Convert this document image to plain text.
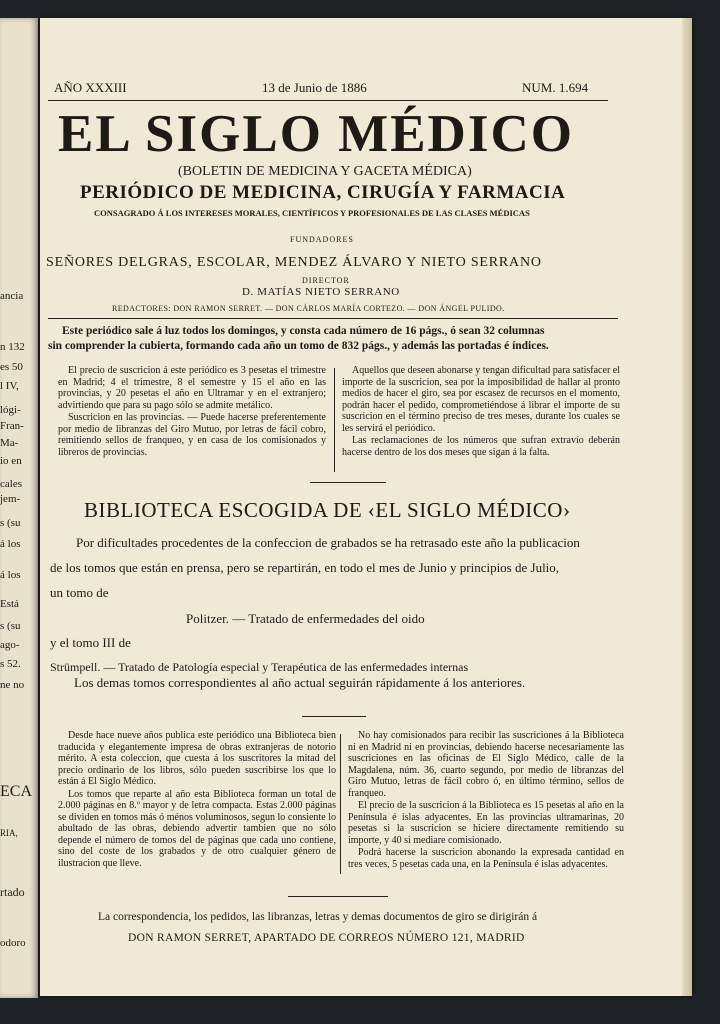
ancia
n 132
es 50
l IV,
lógi-
Fran-
Ma-
io en
cales
jem-
s (su
á los
á los
Está
s (su
ago-
s 52.
ne no
ECA
RIA,
rtado
odoro
AÑO XXXIII	13 de Junio de 1886	NUM. 1.694
EL SIGLO MÉDICO
(BOLETIN DE MEDICINA Y GACETA MÉDICA)
PERIÓDICO DE MEDICINA, CIRUGÍA Y FARMACIA
CONSAGRADO Á LOS INTERESES MORALES, CIENTÍFICOS Y PROFESIONALES DE LAS CLASES MÉDICAS
FUNDADORES
SEÑORES DELGRAS, ESCOLAR, MENDEZ ÁLVARO Y NIETO SERRANO
DIRECTOR
D. MATÍAS NIETO SERRANO
REDACTORES: DON RAMON SERRET. — DON CÁRLOS MARÍA CORTEZO. — DON ÁNGEL PULIDO.
Este periódico sale á luz todos los domingos, y consta cada número de 16 págs., ó sean 32 columnas
sin comprender la cubierta, formando cada año un tomo de 832 págs., y además las portadas é índices.

El precio de suscricion á este periódico es 3 pesetas el trimestre en Madrid; 4 el trimestre, 8 el semestre y 15 el año en las provincias, y 20 pesetas el año en Ultramar y en el extranjero; advirtiendo que para su pago sólo se admite metálico.

Suscricion en las provincias. — Puede hacerse preferentemente por medio de libranzas del Giro Mutuo, por letras de fácil cobro, remitiendo sellos de franqueo, y en casa de los comisionados y libreros de provincias.

Aquellos que deseen abonarse y tengan dificultad para satisfacer el importe de la suscricion, sea por la imposibilidad de hallar al pronto medios de hacer el giro, sea por escasez de recursos en el momento, podrán hacer el pedido, comprometiéndose á librar el importe de su suscricion en el término preciso de tres meses, durante los cuales se les servirá el periódico.

Las reclamaciones de los números que sufran extravío deberán hacerse dentro de los dos meses que sigan á la falta.

BIBLIOTECA ESCOGIDA DE ‹EL SIGLO MÉDICO›
Por dificultades procedentes de la confeccion de grabados se ha retrasado este año la publicacion
de los tomos que están en prensa, pero se repartirán, en todo el mes de Junio y principios de Julio,
un tomo de
Politzer. — Tratado de enfermedades del oido
y el tomo III de
Strümpell. — Tratado de Patología especial y Terapéutica de las enfermedades internas
Los demas tomos correspondientes al año actual seguirán rápidamente á los anteriores.

Desde hace nueve años publica este periódico una Biblioteca bien traducida y elegantemente impresa de obras extranjeras de notorio mérito. A esta coleccion, que cuesta á los suscritores la mitad del precio ordinario de los libros, sólo pueden suscribirse los que lo están á El Siglo Médico.

Los tomos que reparte al año esta Biblioteca forman un total de 2.000 páginas en 8.º mayor y de letra compacta. Estas 2.000 páginas se dividen en tomos más ó ménos voluminosos, segun lo consiente lo abultado de las obras, debiendo advertir tambien que no sólo depende el número de tomos del de páginas que cada uno contiene, sino del coste de los grabados y de otro cualquier género de ilustracion que lleve.

No hay comisionados para recibir las suscriciones á la Biblioteca ni en Madrid ni en provincias, debiendo hacerse necesariamente las suscriciones en las oficinas de El Siglo Médico, calle de la Magdalena, núm. 36, cuarto segundo, por medio de libranzas del Giro Mutuo, letras de fácil cobro ó, en último término, sellos de franqueo.

El precio de la suscricion á la Biblioteca es 15 pesetas al año en la Península é islas adyacentes. En las provincias ultramarinas, 20 pesetas si la suscricion se hiciere directamente remitiendo su importe, y 40 si mediare comisionado.

Podrá hacerse la suscricion abonando la expresada cantidad en tres veces, 5 pesetas cada una, en la Península é islas adyacentes.

La correspondencia, los pedidos, las libranzas, letras y demas documentos de giro se dirigirán á
DON RAMON SERRET, APARTADO DE CORREOS NÚMERO 121, MADRID
